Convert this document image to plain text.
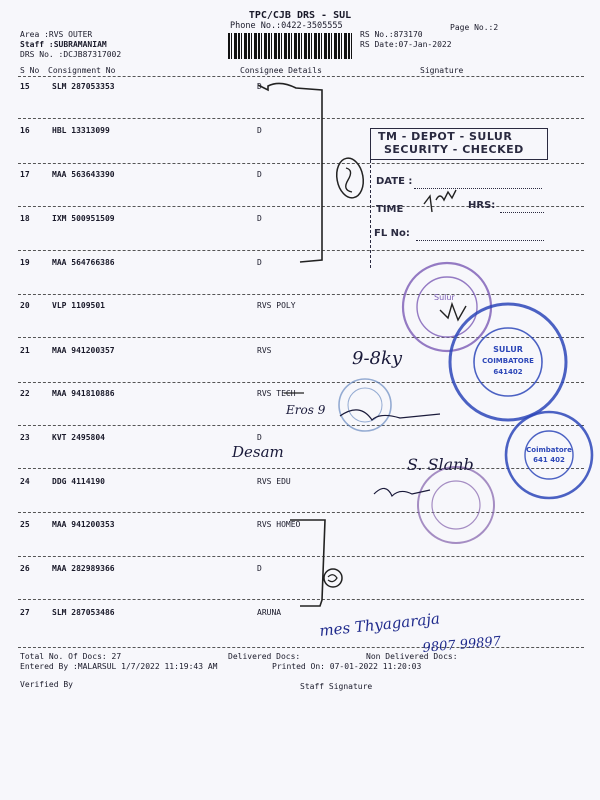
TPC/CJB DRS - SUL
Phone No.:0422-3505555
Area :RVS OUTER
Staff :SUBRAMANIAM
DRS No. :DCJB87317002
RS No.:873170
RS Date:07-Jan-2022
Page No.:2
S No Consignment No	Consignee Details	Signature
15	SLM 287053353	D
16	HBL 13313099	D
17	MAA 563643390	D
18	IXM 500951509	D
19	MAA 564766386	D
20	VLP 1109501	RVS POLY
21	MAA 941200357	RVS
22	MAA 941810886	RVS TECH
23	KVT 2495804	D
24	DDG 4114190	RVS EDU
25	MAA 941200353	RVS HOMEO
26	MAA 282989366	D
27	SLM 287053486	ARUNA
Total No. Of Docs: 27	Delivered Docs:	Non Delivered Docs:
Entered By :MALARSUL 1/7/2022 11:19:43 AM	Printed On: 07-01-2022 11:20:03
Verified By	Staff Signature
TM - DEPOT - SULUR
SECURITY - CHECKED
DATE :
TIME	HRS:
FL No:
Sulur
SULUR
COIMBATORE
641402
Coimbatore
641 402
9-8ky
Eros 9
Desam
S. Slanb
mes Thyagaraja
9807 99897
